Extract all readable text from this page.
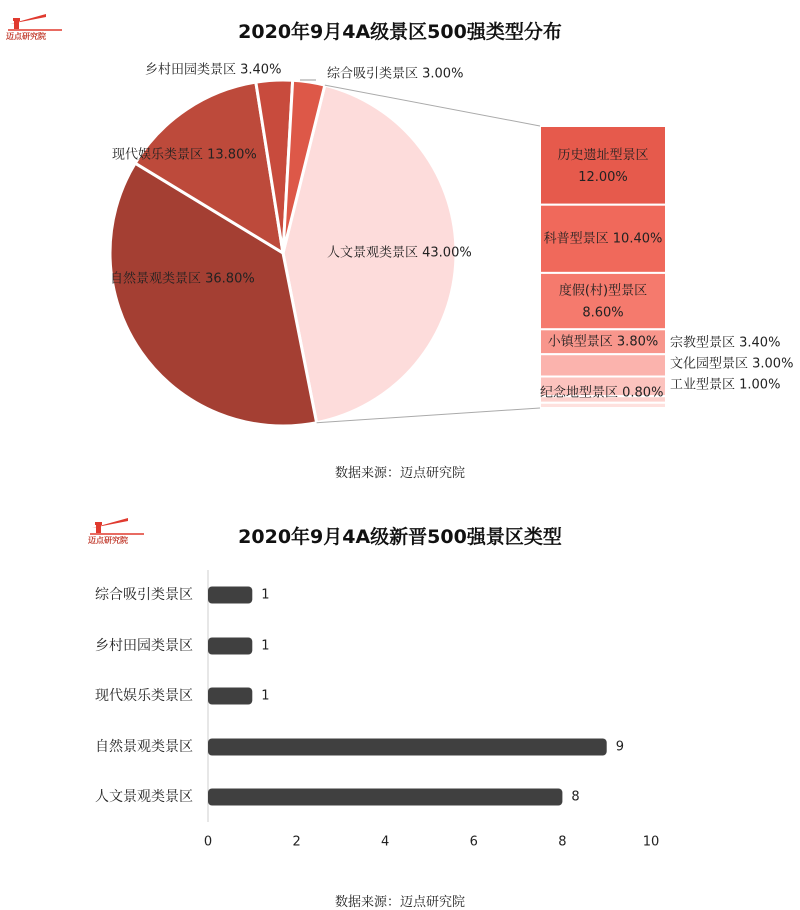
迈点研究院	2020年9月4A级景区500强类型分布
人文景观类景区 43.00%
自然景观类景区 36.80%
现代娱乐类景区 13.80%
乡村田园类景区 3.40%	综合吸引类景区 3.00%
历史遗址型景区
12.00%
科普型景区 10.40%
度假(村)型景区
8.60%
小镇型景区 3.80% 宗教型景区 3.40%
文化园型景区 3.00%
工业型景区 1.00%
纪念地型景区 0.80%
数据来源：迈点研究院
迈点研究院	2020年9月4A级新晋500强景区类型
综合吸引类景区	1
乡村田园类景区	1
现代娱乐类景区	1
自然景观类景区	9
人文景观类景区	8
0	2	4	6	8	10
数据来源：迈点研究院
